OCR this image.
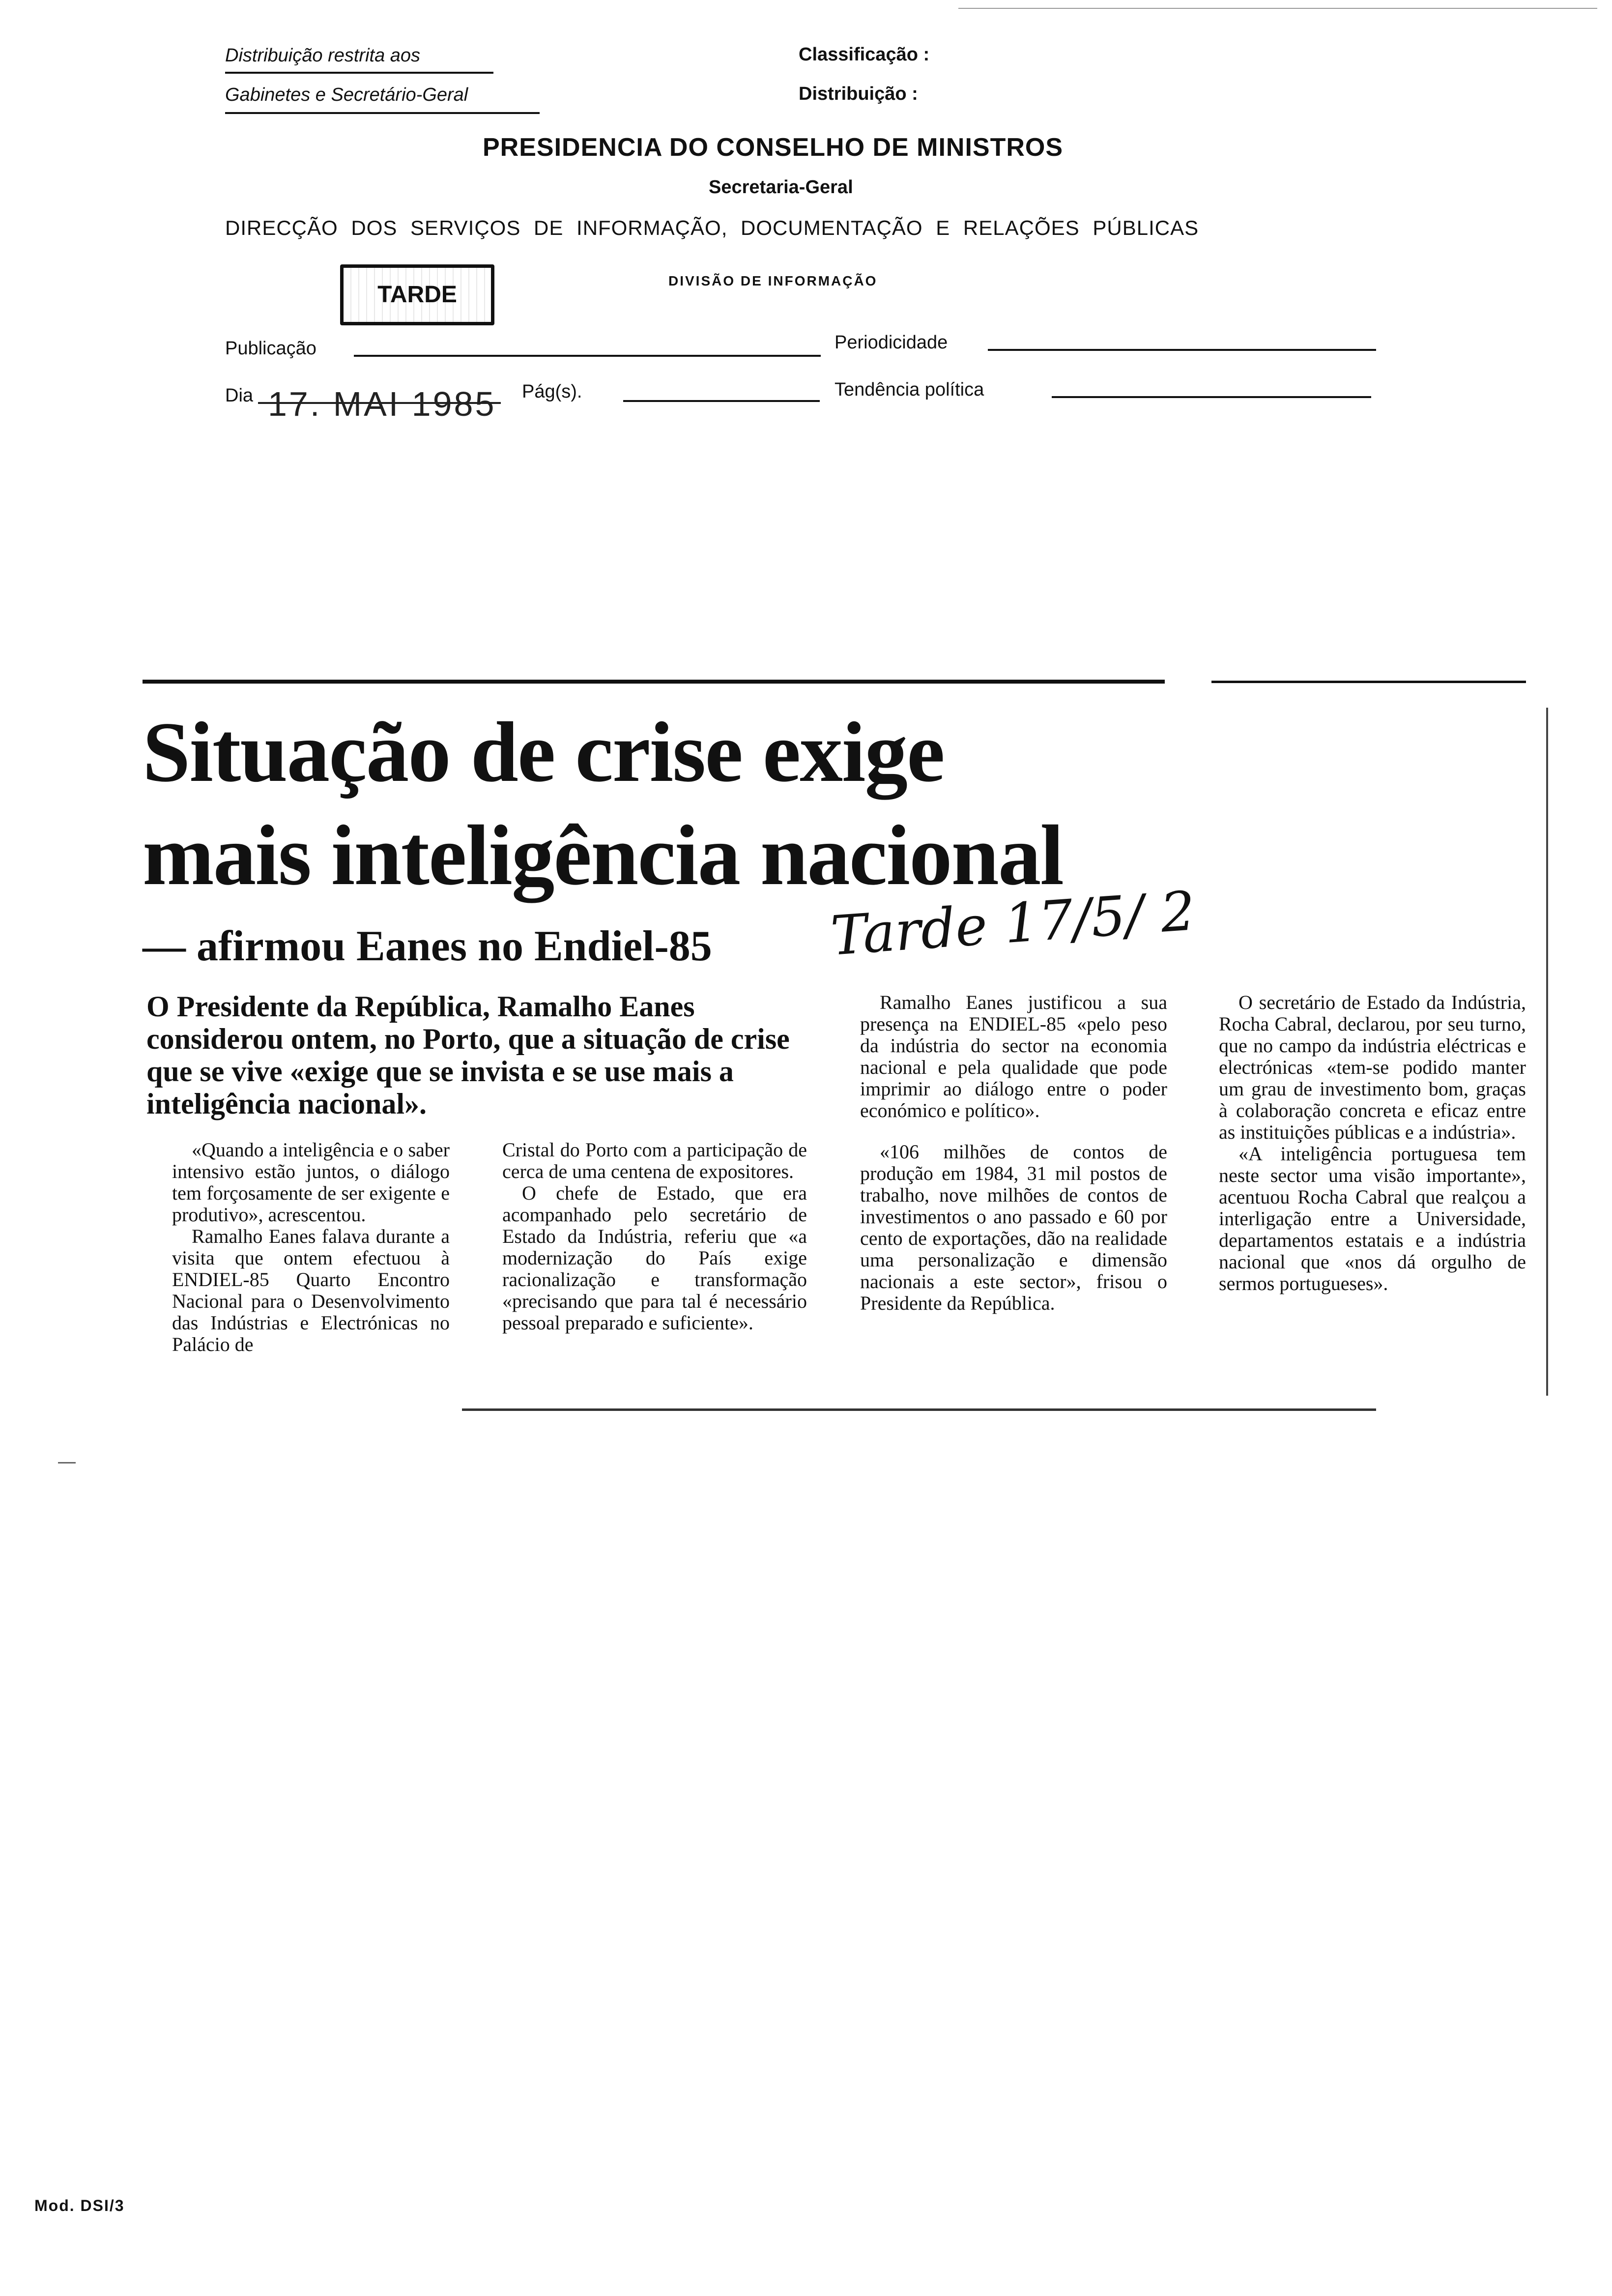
Distribuição restrita aos
Gabinetes e Secretário-Geral
Classificação :
Distribuição :
PRESIDENCIA DO CONSELHO DE MINISTROS
Secretaria-Geral
DIRECÇÃO DOS SERVIÇOS DE INFORMAÇÃO, DOCUMENTAÇÃO E RELAÇÕES PÚBLICAS
TARDE
DIVISÃO DE INFORMAÇÃO
Publicação	Periodicidade
Dia 17. MAI 1985 Pág(s).	Tendência política
Situação de crise exige
mais inteligência nacional
— afirmou Eanes no Endiel-85 Tarde 17/5/ 2
O Presidente da República, Ramalho Eanes considerou ontem, no Porto, que a situação de crise que se vive «exige que se invista e se use mais a inteligência nacional».

«Quando a inteligência e o saber intensivo estão juntos, o diálogo tem forçosamente de ser exigente e produtivo», acrescentou.

Ramalho Eanes falava durante a visita que ontem efectuou à ENDIEL-85 Quarto Encontro Nacional para o Desenvolvimento das Indústrias e Electrónicas no Palácio de

Cristal do Porto com a participação de cerca de uma centena de expositores.

O chefe de Estado, que era acompanhado pelo secretário de Estado da Indústria, referiu que «a modernização do País exige racionalização e transformação «precisando que para tal é necessário pessoal preparado e suficiente».

Ramalho Eanes justificou a sua presença na ENDIEL-85 «pelo peso da indústria do sector na economia nacional e pela qualidade que pode imprimir ao diálogo entre o poder económico e político».

«106 milhões de contos de produção em 1984, 31 mil postos de trabalho, nove milhões de contos de investimentos o ano passado e 60 por cento de exportações, dão na realidade uma personalização e dimensão nacionais a este sector», frisou o Presidente da República.

O secretário de Estado da Indústria, Rocha Cabral, declarou, por seu turno, que no campo da indústria eléctricas e electrónicas «tem-se podido manter um grau de investimento bom, graças à colaboração concreta e eficaz entre as instituições públicas e a indústria».

«A inteligência portuguesa tem neste sector uma visão importante», acentuou Rocha Cabral que realçou a interligação entre a Universidade, departamentos estatais e a indústria nacional que «nos dá orgulho de sermos portugueses».

Mod. DSI/3
